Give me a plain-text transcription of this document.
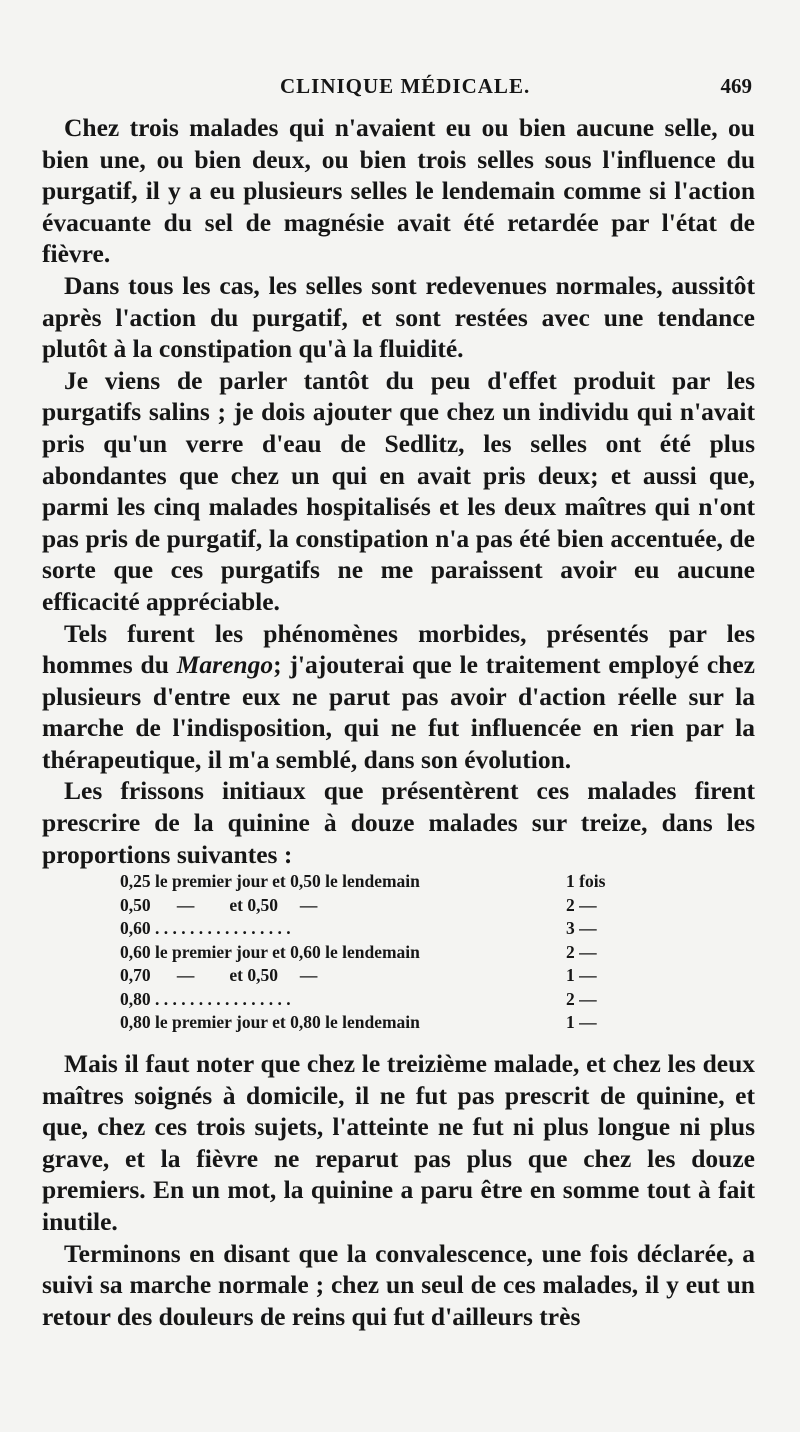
CLINIQUE MÉDICALE.	469

Chez trois malades qui n'avaient eu ou bien aucune selle, ou bien une, ou bien deux, ou bien trois selles sous l'influence du purgatif, il y a eu plusieurs selles le lendemain comme si l'action évacuante du sel de magnésie avait été retardée par l'état de fièvre.

Dans tous les cas, les selles sont redevenues normales, aussitôt après l'action du purgatif, et sont restées avec une tendance plutôt à la constipation qu'à la fluidité.

Je viens de parler tantôt du peu d'effet produit par les purgatifs salins ; je dois ajouter que chez un individu qui n'avait pris qu'un verre d'eau de Sedlitz, les selles ont été plus abondantes que chez un qui en avait pris deux; et aussi que, parmi les cinq malades hospitalisés et les deux maîtres qui n'ont pas pris de purgatif, la constipation n'a pas été bien accentuée, de sorte que ces purgatifs ne me paraissent avoir eu aucune efficacité appréciable.

Tels furent les phénomènes morbides, présentés par les hommes du Marengo; j'ajouterai que le traitement employé chez plusieurs d'entre eux ne parut pas avoir d'action réelle sur la marche de l'indisposition, qui ne fut influencée en rien par la thérapeutique, il m'a semblé, dans son évolution.

Les frissons initiaux que présentèrent ces malades firent prescrire de la quinine à douze malades sur treize, dans les proportions suivantes :

0,25 le premier jour et 0,50 le lendemain	1 fois
0,50      —        et 0,50     —	2 —
0,60 . . . . . . . . . . . . . . . .	3 —
0,60 le premier jour et 0,60 le lendemain	2 —
0,70      —        et 0,50     —	1 —
0,80 . . . . . . . . . . . . . . . .	2 —
0,80 le premier jour et 0,80 le lendemain	1 —

Mais il faut noter que chez le treizième malade, et chez les deux maîtres soignés à domicile, il ne fut pas prescrit de quinine, et que, chez ces trois sujets, l'atteinte ne fut ni plus longue ni plus grave, et la fièvre ne reparut pas plus que chez les douze premiers. En un mot, la quinine a paru être en somme tout à fait inutile.

Terminons en disant que la convalescence, une fois déclarée, a suivi sa marche normale ; chez un seul de ces malades, il y eut un retour des douleurs de reins qui fut d'ailleurs très
